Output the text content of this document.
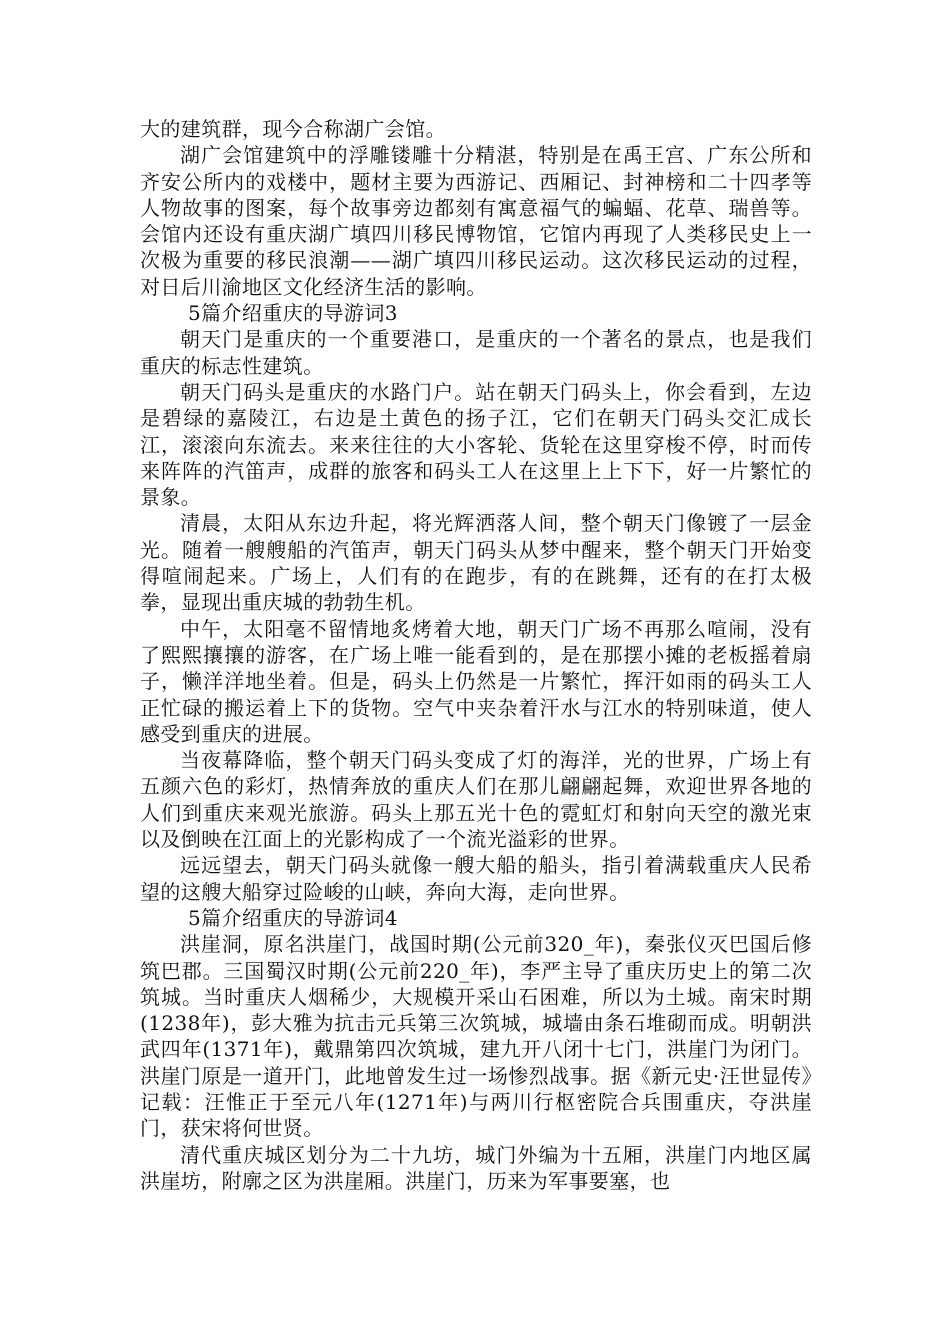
大的建筑群，现今合称湖广会馆。

湖广会馆建筑中的浮雕镂雕十分精湛，特别是在禹王宫、广东公所和齐安公所内的戏楼中，题材主要为西游记、西厢记、封神榜和二十四孝等人物故事的图案，每个故事旁边都刻有寓意福气的蝙蝠、花草、瑞兽等。会馆内还设有重庆湖广填四川移民博物馆，它馆内再现了人类移民史上一次极为重要的移民浪潮——湖广填四川移民运动。这次移民运动的过程，对日后川渝地区文化经济生活的影响。

5篇介绍重庆的导游词3

朝天门是重庆的一个重要港口，是重庆的一个著名的景点，也是我们重庆的标志性建筑。

朝天门码头是重庆的水路门户。站在朝天门码头上，你会看到，左边是碧绿的嘉陵江，右边是土黄色的扬子江，它们在朝天门码头交汇成长江，滚滚向东流去。来来往往的大小客轮、货轮在这里穿梭不停，时而传来阵阵的汽笛声，成群的旅客和码头工人在这里上上下下，好一片繁忙的景象。

清晨，太阳从东边升起，将光辉洒落人间，整个朝天门像镀了一层金光。随着一艘艘船的汽笛声，朝天门码头从梦中醒来，整个朝天门开始变得喧闹起来。广场上，人们有的在跑步，有的在跳舞，还有的在打太极拳，显现出重庆城的勃勃生机。

中午，太阳毫不留情地炙烤着大地，朝天门广场不再那么喧闹，没有了熙熙攘攘的游客，在广场上唯一能看到的，是在那摆小摊的老板摇着扇子，懒洋洋地坐着。但是，码头上仍然是一片繁忙，挥汗如雨的码头工人正忙碌的搬运着上下的货物。空气中夹杂着汗水与江水的特别味道，使人感受到重庆的进展。

当夜幕降临，整个朝天门码头变成了灯的海洋，光的世界，广场上有五颜六色的彩灯，热情奔放的重庆人们在那儿翩翩起舞，欢迎世界各地的人们到重庆来观光旅游。码头上那五光十色的霓虹灯和射向天空的激光束以及倒映在江面上的光影构成了一个流光溢彩的世界。

远远望去，朝天门码头就像一艘大船的船头，指引着满载重庆人民希望的这艘大船穿过险峻的山峡，奔向大海，走向世界。

5篇介绍重庆的导游词4

洪崖洞，原名洪崖门，战国时期(公元前320_年)，秦张仪灭巴国后修筑巴郡。三国蜀汉时期(公元前220_年)，李严主导了重庆历史上的第二次筑城。当时重庆人烟稀少，大规模开采山石困难，所以为土城。南宋时期(1238年)，彭大雅为抗击元兵第三次筑城，城墙由条石堆砌而成。明朝洪武四年(1371年)，戴鼎第四次筑城，建九开八闭十七门，洪崖门为闭门。洪崖门原是一道开门，此地曾发生过一场惨烈战事。据《新元史·汪世显传》记载：汪惟正于至元八年(1271年)与两川行枢密院合兵围重庆，夺洪崖门，获宋将何世贤。

清代重庆城区划分为二十九坊，城门外编为十五厢，洪崖门内地区属洪崖坊，附廓之区为洪崖厢。洪崖门，历来为军事要塞，也
